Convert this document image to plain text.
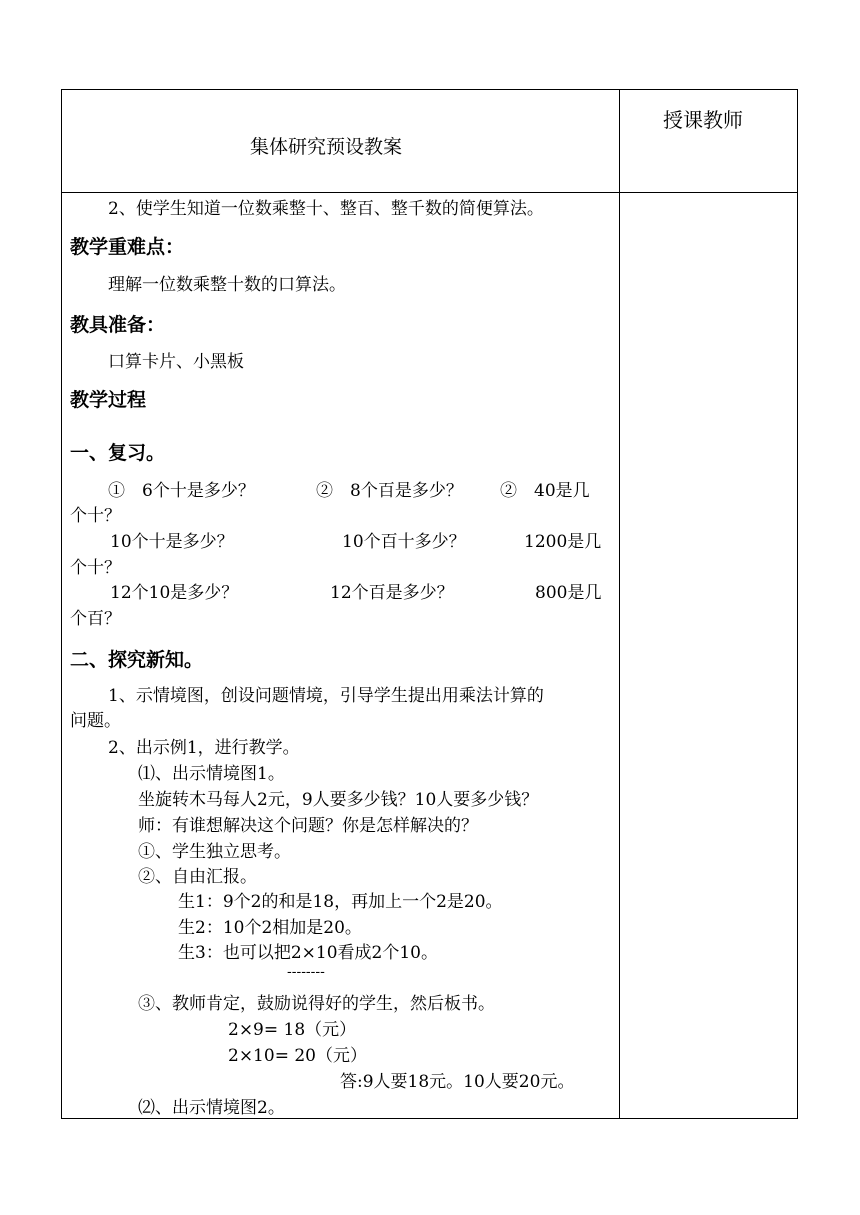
集体研究预设教案
授课教师
2、使学生知道一位数乘整十、整百、整千数的简便算法。
教学重难点：
理解一位数乘整十数的口算法。
教具准备：
口算卡片、小黑板
教学过程
一、复习。
①　6个十是多少？	②　8个百是多少？ ②　40是几
个十？
10个十是多少？	10个百十多少？	1200是几
个十？
12个10是多少？	12个百是多少？	800是几
个百？
二、探究新知。
1、示情境图，创设问题情境，引导学生提出用乘法计算的
问题。
2、出示例1，进行教学。
⑴、出示情境图1。
坐旋转木马每人2元，9人要多少钱？10人要多少钱？
师：有谁想解决这个问题？你是怎样解决的？
①、学生独立思考。
②、自由汇报。
生1：9个2的和是18，再加上一个2是20。
生2：10个2相加是20。
生3：也可以把2×10看成2个10。
--------
③、教师肯定，鼓励说得好的学生，然后板书。
2×9= 18（元）
2×10= 20（元）
答:9人要18元。10人要20元。
⑵、出示情境图2。
